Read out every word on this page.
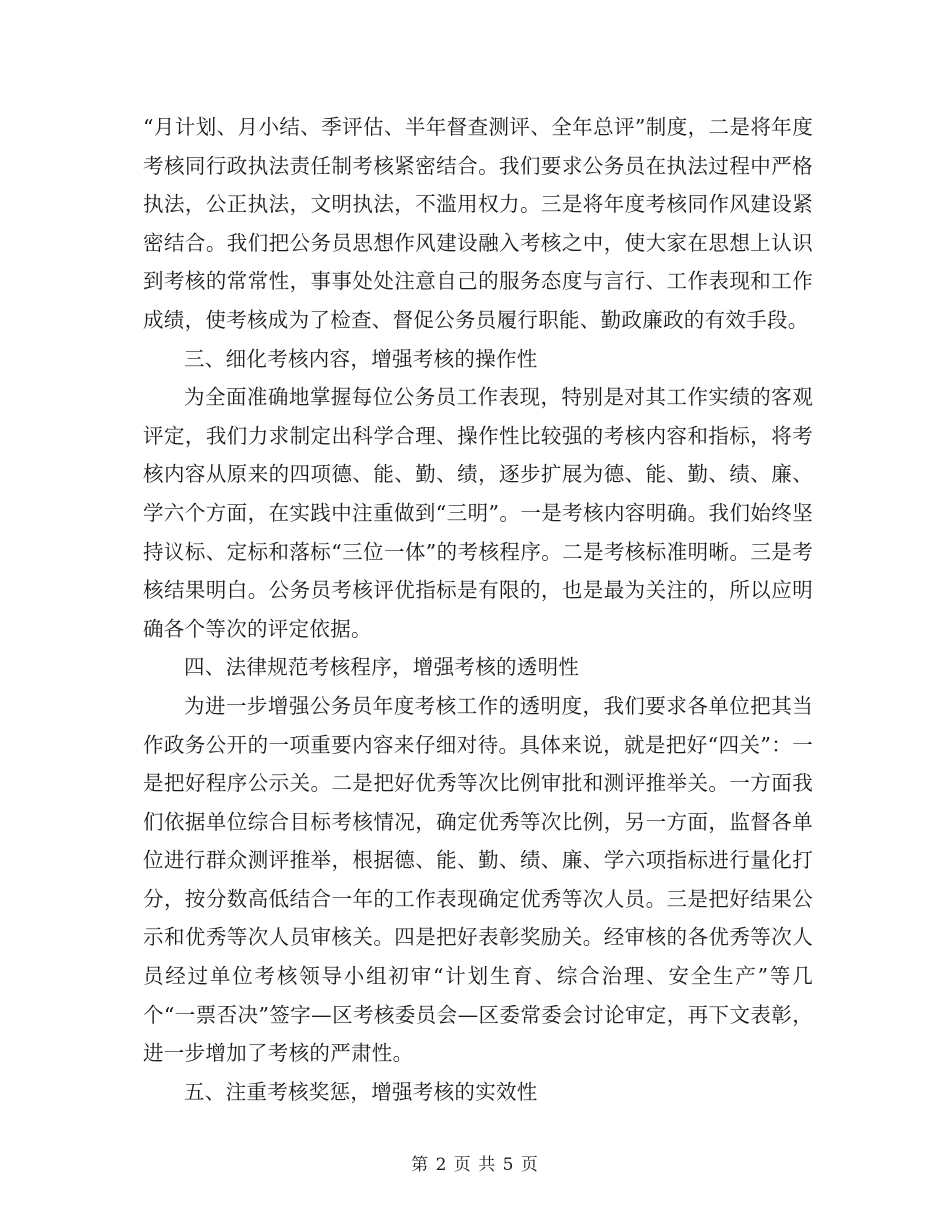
“月计划、月小结、季评估、半年督查测评、全年总评”制度，二是将年度考核同行政执法责任制考核紧密结合。我们要求公务员在执法过程中严格执法，公正执法，文明执法，不滥用权力。三是将年度考核同作风建设紧密结合。我们把公务员思想作风建设融入考核之中，使大家在思想上认识到考核的常常性，事事处处注意自己的服务态度与言行、工作表现和工作成绩，使考核成为了检查、督促公务员履行职能、勤政廉政的有效手段。

三、细化考核内容，增强考核的操作性

为全面准确地掌握每位公务员工作表现，特别是对其工作实绩的客观评定，我们力求制定出科学合理、操作性比较强的考核内容和指标，将考核内容从原来的四项德、能、勤、绩，逐步扩展为德、能、勤、绩、廉、学六个方面，在实践中注重做到“三明”。一是考核内容明确。我们始终坚持议标、定标和落标“三位一体”的考核程序。二是考核标准明晰。三是考核结果明白。公务员考核评优指标是有限的，也是最为关注的，所以应明确各个等次的评定依据。

四、法律规范考核程序，增强考核的透明性

为进一步增强公务员年度考核工作的透明度，我们要求各单位把其当作政务公开的一项重要内容来仔细对待。具体来说，就是把好“四关”：一是把好程序公示关。二是把好优秀等次比例审批和测评推举关。一方面我们依据单位综合目标考核情况，确定优秀等次比例，另一方面，监督各单位进行群众测评推举，根据德、能、勤、绩、廉、学六项指标进行量化打分，按分数高低结合一年的工作表现确定优秀等次人员。三是把好结果公示和优秀等次人员审核关。四是把好表彰奖励关。经审核的各优秀等次人员经过单位考核领导小组初审“计划生育、综合治理、安全生产”等几个“一票否决”签字—区考核委员会—区委常委会讨论审定，再下文表彰，进一步增加了考核的严肃性。

五、注重考核奖惩，增强考核的实效性

第 2 页 共 5 页
